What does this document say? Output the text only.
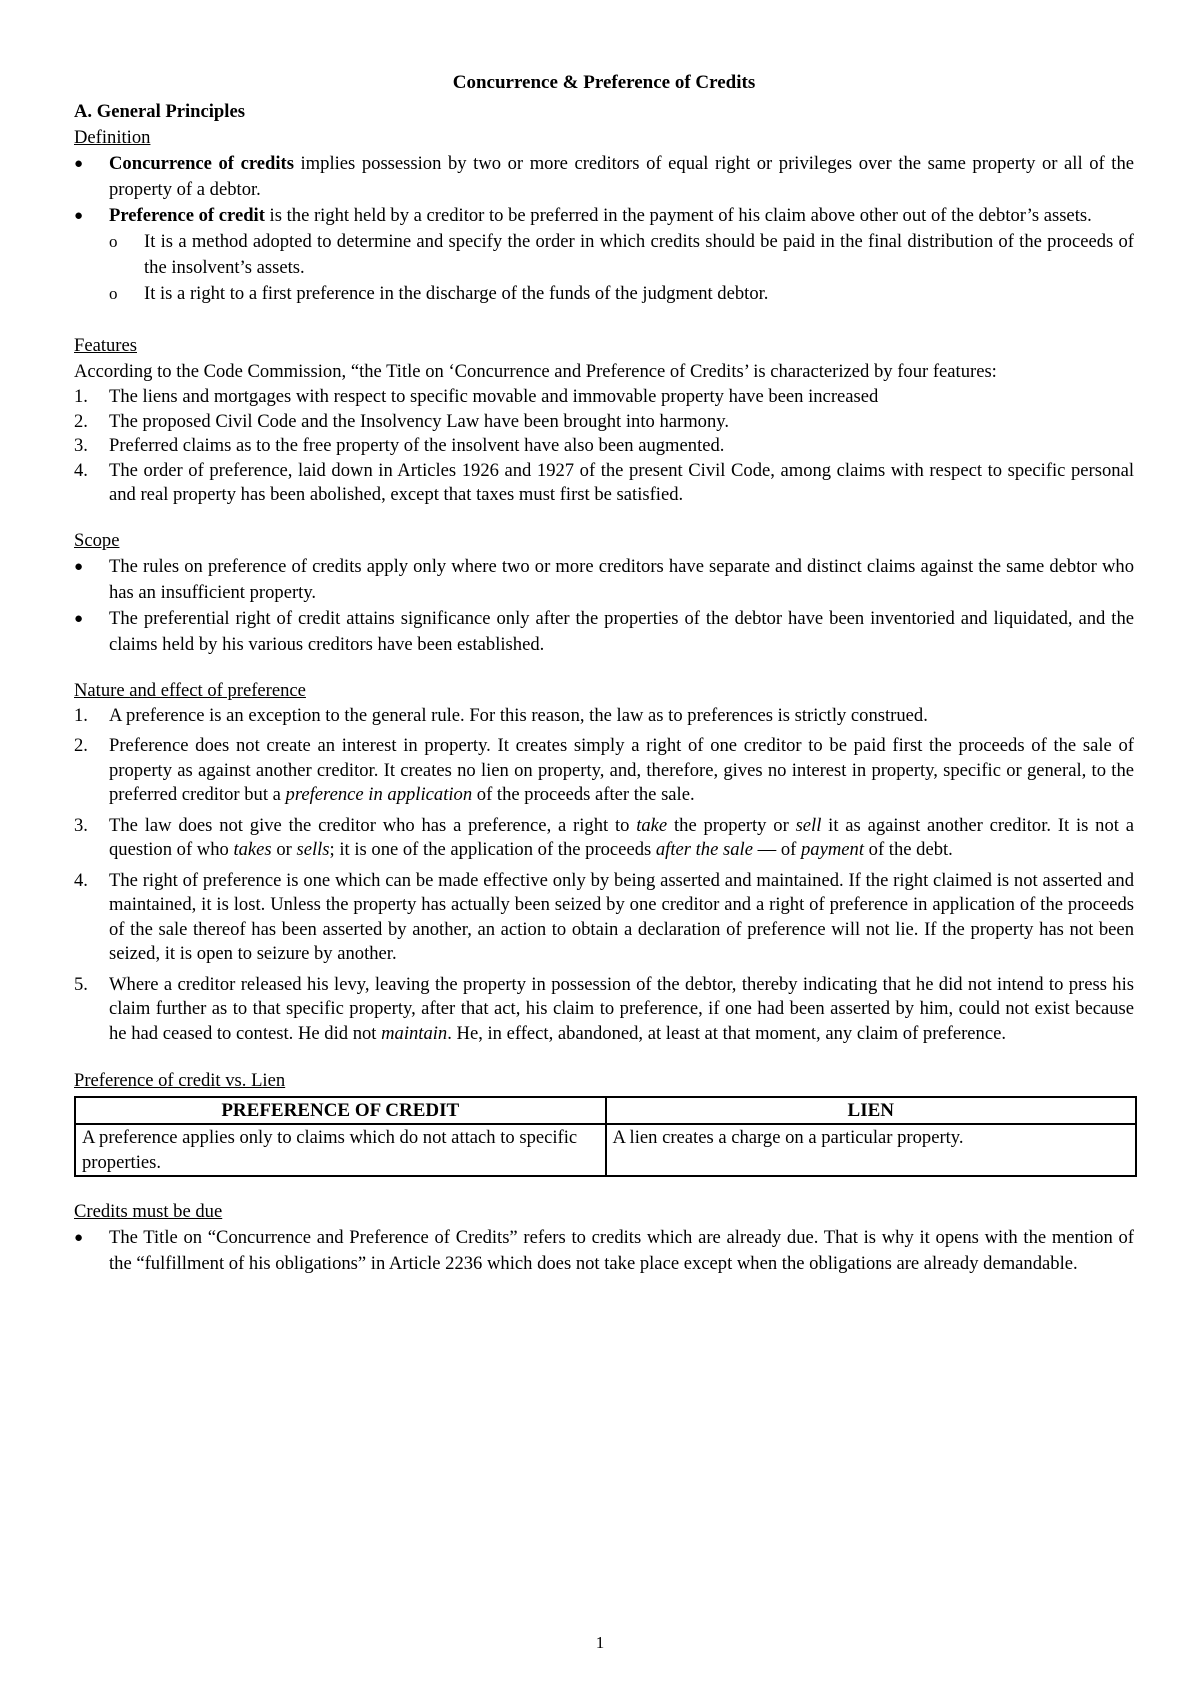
Concurrence & Preference of Credits
A. General Principles
Definition
● Concurrence of credits implies possession by two or more creditors of equal right or privileges over the same property or all of the property of a debtor.
● Preference of credit is the right held by a creditor to be preferred in the payment of his claim above other out of the debtor’s assets.
o It is a method adopted to determine and specify the order in which credits should be paid in the final distribution of the proceeds of the insolvent’s assets.
o It is a right to a first preference in the discharge of the funds of the judgment debtor.
Features

According to the Code Commission, “the Title on ‘Concurrence and Preference of Credits’ is characterized by four features:

1. The liens and mortgages with respect to specific movable and immovable property have been increased
2. The proposed Civil Code and the Insolvency Law have been brought into harmony.
3. Preferred claims as to the free property of the insolvent have also been augmented.
4. The order of preference, laid down in Articles 1926 and 1927 of the present Civil Code, among claims with respect to specific personal and real property has been abolished, except that taxes must first be satisfied.
Scope
● The rules on preference of credits apply only where two or more creditors have separate and distinct claims against the same debtor who has an insufficient property.
● The preferential right of credit attains significance only after the properties of the debtor have been inventoried and liquidated, and the claims held by his various creditors have been established.
Nature and effect of preference
1. A preference is an exception to the general rule. For this reason, the law as to preferences is strictly construed.
2. Preference does not create an interest in property. It creates simply a right of one creditor to be paid first the proceeds of the sale of property as against another creditor. It creates no lien on property, and, therefore, gives no interest in property, specific or general, to the preferred creditor but a preference in application of the proceeds after the sale.
3. The law does not give the creditor who has a preference, a right to take the property or sell it as against another creditor. It is not a question of who takes or sells; it is one of the application of the proceeds after the sale — of payment of the debt.
4. The right of preference is one which can be made effective only by being asserted and maintained. If the right claimed is not asserted and maintained, it is lost. Unless the property has actually been seized by one creditor and a right of preference in application of the proceeds of the sale thereof has been asserted by another, an action to obtain a declaration of preference will not lie. If the property has not been seized, it is open to seizure by another.
5. Where a creditor released his levy, leaving the property in possession of the debtor, thereby indicating that he did not intend to press his claim further as to that specific property, after that act, his claim to preference, if one had been asserted by him, could not exist because he had ceased to contest. He did not maintain. He, in effect, abandoned, at least at that moment, any claim of preference.
Preference of credit vs. Lien
PREFERENCE OF CREDIT	LIEN
A preference applies only to claims which do not attach to specific properties.	A lien creates a charge on a particular property.
Credits must be due
● The Title on “Concurrence and Preference of Credits” refers to credits which are already due. That is why it opens with the mention of the “fulfillment of his obligations” in Article 2236 which does not take place except when the obligations are already demandable.
1
